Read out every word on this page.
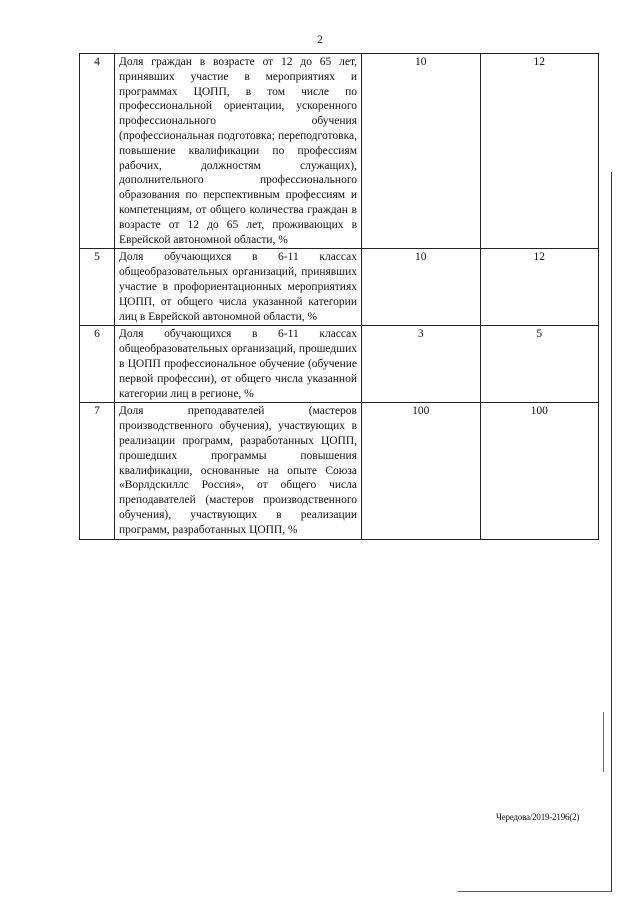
2
4	Доля граждан в возрасте от 12 до 65 лет, принявших участие в мероприятиях и программах ЦОПП, в том числе по профессиональной ориентации, ускоренного профессионального обучения (профессиональная подготовка; переподготовка, повышение квалификации по профессиям рабочих, должностям служащих), дополнительного профессионального образования по перспективным профессиям и компетенциям, от общего количества граждан в возрасте от 12 до 65 лет, проживающих в Еврейской автономной области, %	10	12
5	Доля обучающихся в 6-11 классах общеобразовательных организаций, принявших участие в профориентационных мероприятиях ЦОПП, от общего числа указанной категории лиц в Еврейской автономной области, %	10	12
6	Доля обучающихся в 6-11 классах общеобразовательных организаций, прошедших в ЦОПП профессиональное обучение (обучение первой профессии), от общего числа указанной категории лиц в регионе, %	3	5
7	Доля преподавателей (мастеров производственного обучения), участвующих в реализации программ, разработанных ЦОПП, прошедших программы повышения квалификации, основанные на опыте Союза «Ворлдскиллс Россия», от общего числа преподавателей (мастеров производственного обучения), участвующих в реализации программ, разработанных ЦОПП, %	100	100
Чередова/2019-2196(2)
